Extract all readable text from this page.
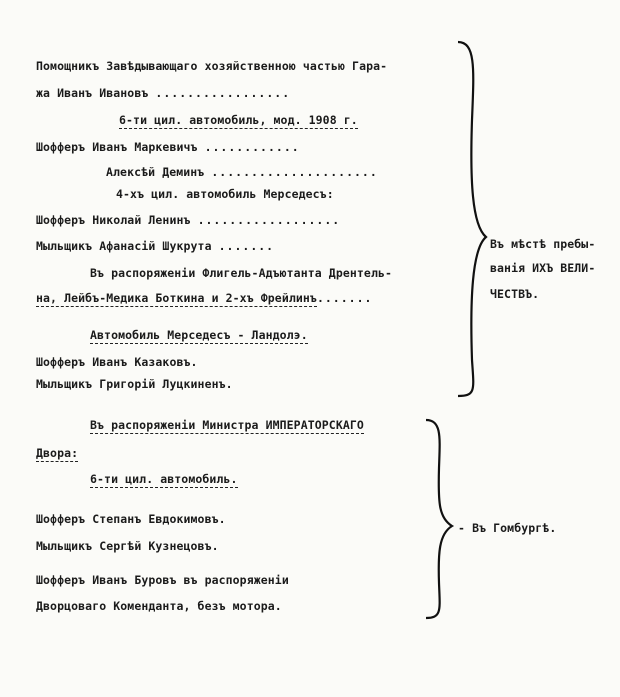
Помощникъ Завѣдывающаго хозяйственною частью Гара-
жа Иванъ Ивановъ .................
6-ти цил. автомобиль, мод. 1908 г.
Шофферъ Иванъ Маркевичъ ............
Алексѣй Деминъ .....................
4-хъ цил. автомобиль Мерседесъ:
Шофферъ Николай Ленинъ ..................
Мыльщикъ Афанасій Шукрута .......
Въ распоряженіи Флигель-Адъютанта Дрентель-
на, Лейбъ-Медика Боткина и 2-хъ Фрейлинъ.......
Автомобиль Мерседесъ - Ландолэ.
Шофферъ Иванъ Казаковъ.
Мыльщикъ Григорій Луцкиненъ.
Въ мѣстѣ пребы-
ванія ИХЪ ВЕЛИ-
ЧЕСТВЪ.
Въ распоряженіи Министра ИМПЕРАТОРСКАГО
Двора:
6-ти цил. автомобиль.
Шофферъ Степанъ Евдокимовъ.
Мыльщикъ Сергѣй Кузнецовъ.
Шофферъ Иванъ Буровъ въ распоряженіи
Дворцоваго Коменданта, безъ мотора.
- Въ Гомбургѣ.
